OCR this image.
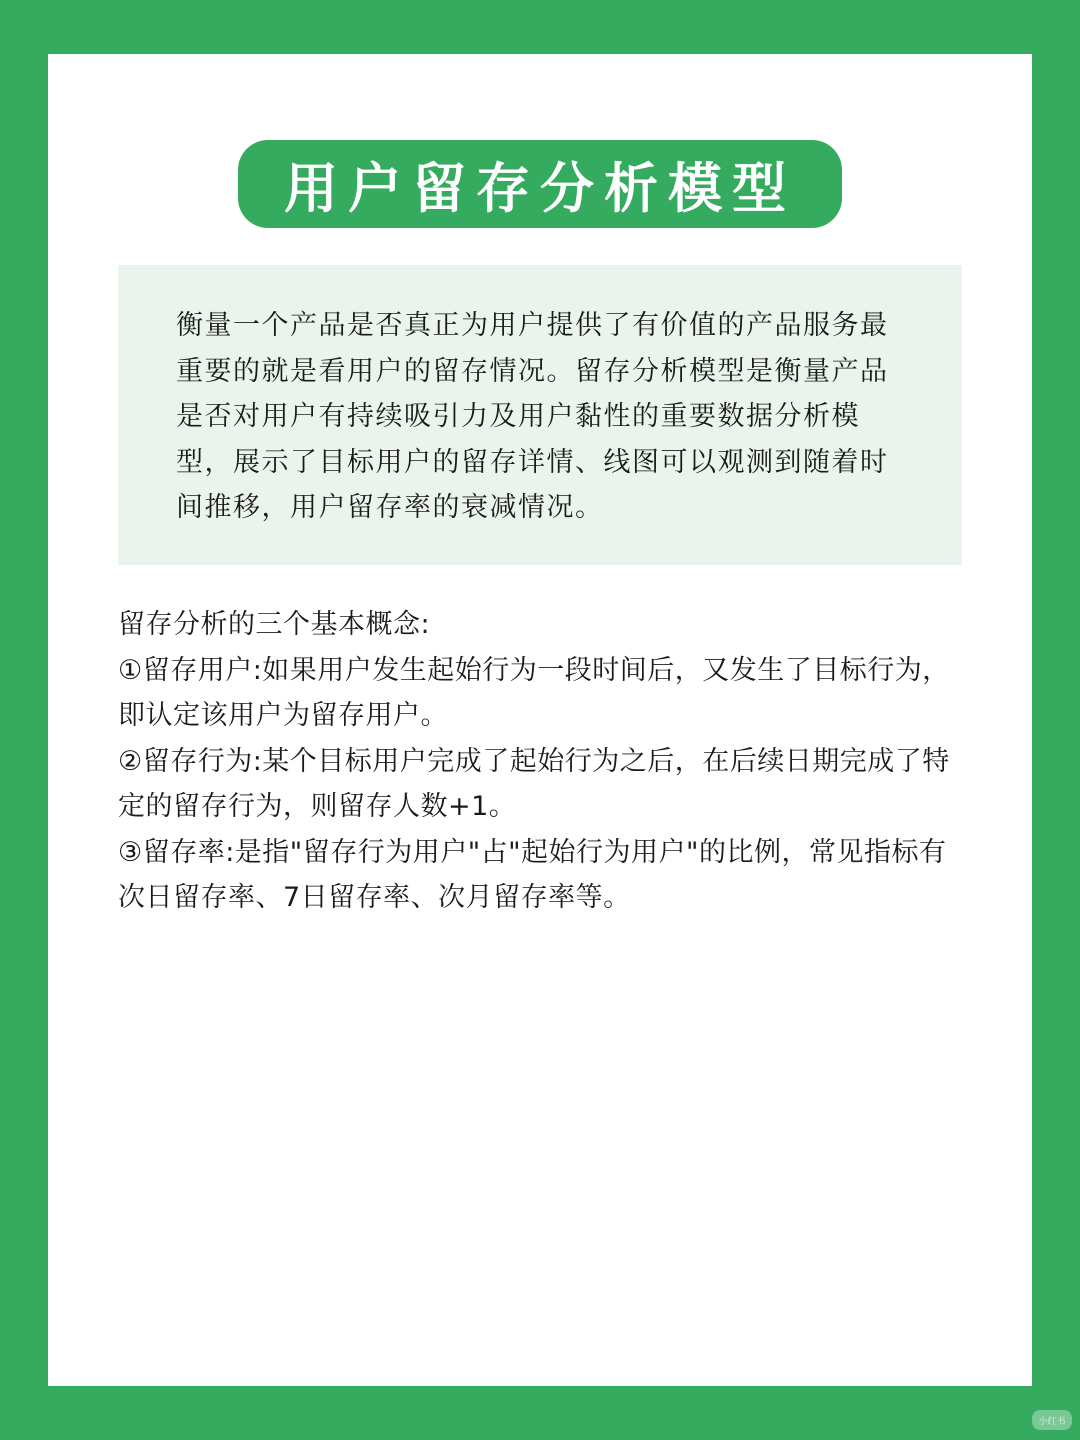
用户留存分析模型

衡量一个产品是否真正为用户提供了有价值的产品服务最重要的就是看用户的留存情况。留存分析模型是衡量产品是否对用户有持续吸引力及用户黏性的重要数据分析模型，展示了目标用户的留存详情、线图可以观测到随着时间推移，用户留存率的衰减情况。

留存分析的三个基本概念:

①留存用户:如果用户发生起始行为一段时间后，又发生了目标行为，即认定该用户为留存用户。

②留存行为:某个目标用户完成了起始行为之后，在后续日期完成了特定的留存行为，则留存人数+1。

③留存率:是指"留存行为用户"占"起始行为用户"的比例，常见指标有次日留存率、7日留存率、次月留存率等。

小红书
